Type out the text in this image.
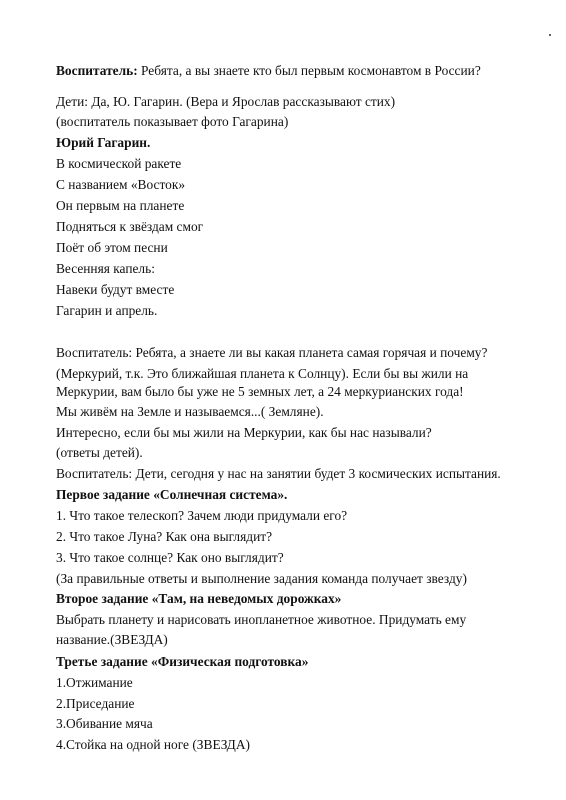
Воспитатель: Ребята, а вы знаете кто был первым космонавтом в России?
Дети: Да, Ю. Гагарин. (Вера и Ярослав рассказывают стих)
(воспитатель показывает фото Гагарина)
Юрий Гагарин.
В космической ракете
С названием «Восток»
Он первым на планете
Подняться к звёздам смог
Поёт об этом песни
Весенняя капель:
Навеки будут вместе
Гагарин и апрель.
Воспитатель: Ребята, а знаете ли вы какая планета самая горячая и почему?
(Меркурий, т.к. Это ближайшая планета к Солнцу). Если бы вы жили на
Меркурии, вам было бы уже не 5 земных лет, а 24 меркурианских года!
Мы живём на Земле и называемся...( Земляне).
Интересно, если бы мы жили на Меркурии, как бы нас называли?
(ответы детей).
Воспитатель: Дети, сегодня у нас на занятии будет 3 космических испытания.
Первое задание «Солнечная система».
1. Что такое телескоп? Зачем люди придумали его?
2. Что такое Луна? Как она выглядит?
3. Что такое солнце? Как оно выглядит?
(За правильные ответы и выполнение задания команда получает звезду)
Второе задание «Там, на неведомых дорожках»
Выбрать планету и нарисовать инопланетное животное. Придумать ему
название.(ЗВЕЗДА)
Третье задание «Физическая подготовка»
1.Отжимание
2.Приседание
3.Обивание мяча
4.Стойка на одной ноге (ЗВЕЗДА)
